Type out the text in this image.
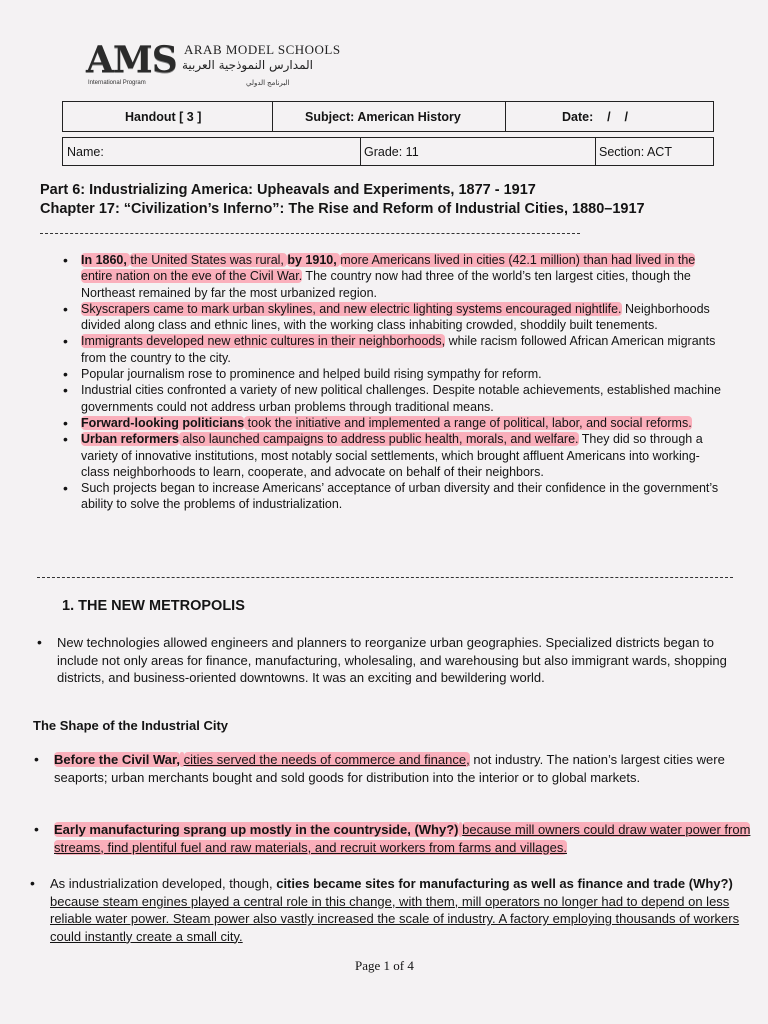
AMS ARAB MODEL SCHOOLS
المدارس النموذجية العربية
International Program	البرنامج الدولي
Handout [ 3 ]	Subject: American History	Date:    /    /
Name:	Grade: 11	Section: ACT
Part 6: Industrializing America: Upheavals and Experiments, 1877 - 1917
Chapter 17: “Civilization’s Inferno”: The Rise and Reform of Industrial Cities, 1880–1917
• In 1860, the United States was rural, by 1910, more Americans lived in cities (42.1 million) than had lived in the entire nation on the eve of the Civil War. The country now had three of the world’s ten largest cities, though the Northeast remained by far the most urbanized region.
• Skyscrapers came to mark urban skylines, and new electric lighting systems encouraged nightlife. Neighborhoods divided along class and ethnic lines, with the working class inhabiting crowded, shoddily built tenements.
• Immigrants developed new ethnic cultures in their neighborhoods, while racism followed African American migrants from the country to the city.
• Popular journalism rose to prominence and helped build rising sympathy for reform.
• Industrial cities confronted a variety of new political challenges. Despite notable achievements, established machine governments could not address urban problems through traditional means.
• Forward-looking politicians took the initiative and implemented a range of political, labor, and social reforms.
• Urban reformers also launched campaigns to address public health, morals, and welfare. They did so through a variety of innovative institutions, most notably social settlements, which brought affluent Americans into working-class neighborhoods to learn, cooperate, and advocate on behalf of their neighbors.
• Such projects began to increase Americans’ acceptance of urban diversity and their confidence in the government’s ability to solve the problems of industrialization.
1. THE NEW METROPOLIS
• New technologies allowed engineers and planners to reorganize urban geographies. Specialized districts began to include not only areas for finance, manufacturing, wholesaling, and warehousing but also immigrant wards, shopping districts, and business-oriented downtowns. It was an exciting and bewildering world.
The Shape of the Industrial City
• Before the Civil War, cities served the needs of commerce and finance, not industry. The nation’s largest cities were seaports; urban merchants bought and sold goods for distribution into the interior or to global markets.
• Early manufacturing sprang up mostly in the countryside, (Why?) because mill owners could draw water power from streams, find plentiful fuel and raw materials, and recruit workers from farms and villages.
• As industrialization developed, though, cities became sites for manufacturing as well as finance and trade (Why?) because steam engines played a central role in this change, with them, mill operators no longer had to depend on less reliable water power. Steam power also vastly increased the scale of industry. A factory employing thousands of workers could instantly create a small city.
Page 1 of 4
